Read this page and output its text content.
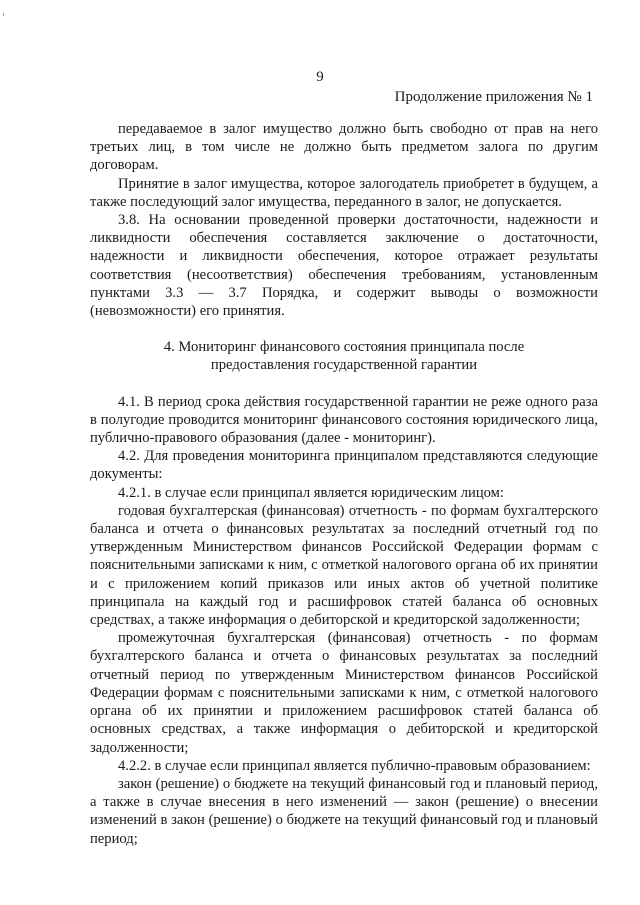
9

Продолжение приложения № 1

передаваемое в залог имущество должно быть свободно от прав на него третьих лиц, в том числе не должно быть предметом залога по другим договорам.

Принятие в залог имущества, которое залогодатель приобретет в будущем, а также последующий залог имущества, переданного в залог, не допускается.

3.8. На основании проведенной проверки достаточности, надежности и ликвидности обеспечения составляется заключение о достаточности, надежности и ликвидности обеспечения, которое отражает результаты соответствия (несоответствия) обеспечения требованиям, установленным пунктами 3.3 — 3.7 Порядка, и содержит выводы о возможности (невозможности) его принятия.

4. Мониторинг финансового состояния принципала после
предоставления государственной гарантии

4.1. В период срока действия государственной гарантии не реже одного раза в полугодие проводится мониторинг финансового состояния юридического лица, публично-правового образования (далее - мониторинг).

4.2. Для проведения мониторинга принципалом представляются следующие документы:

4.2.1. в случае если принципал является юридическим лицом:

годовая бухгалтерская (финансовая) отчетность - по формам бухгалтерского баланса и отчета о финансовых результатах за последний отчетный год по утвержденным Министерством финансов Российской Федерации формам с пояснительными записками к ним, с отметкой налогового органа об их принятии и с приложением копий приказов или иных актов об учетной политике принципала на каждый год и расшифровок статей баланса об основных средствах, а также информация о дебиторской и кредиторской задолженности;

промежуточная бухгалтерская (финансовая) отчетность - по формам бухгалтерского баланса и отчета о финансовых результатах за последний отчетный период по утвержденным Министерством финансов Российской Федерации формам с пояснительными записками к ним, с отметкой налогового органа об их принятии и приложением расшифровок статей баланса об основных средствах, а также информация о дебиторской и кредиторской задолженности;

4.2.2. в случае если принципал является публично-правовым образованием:

закон (решение) о бюджете на текущий финансовый год и плановый период, а также в случае внесения в него изменений — закон (решение) о внесении изменений в закон (решение) о бюджете на текущий финансовый год и плановый период;
